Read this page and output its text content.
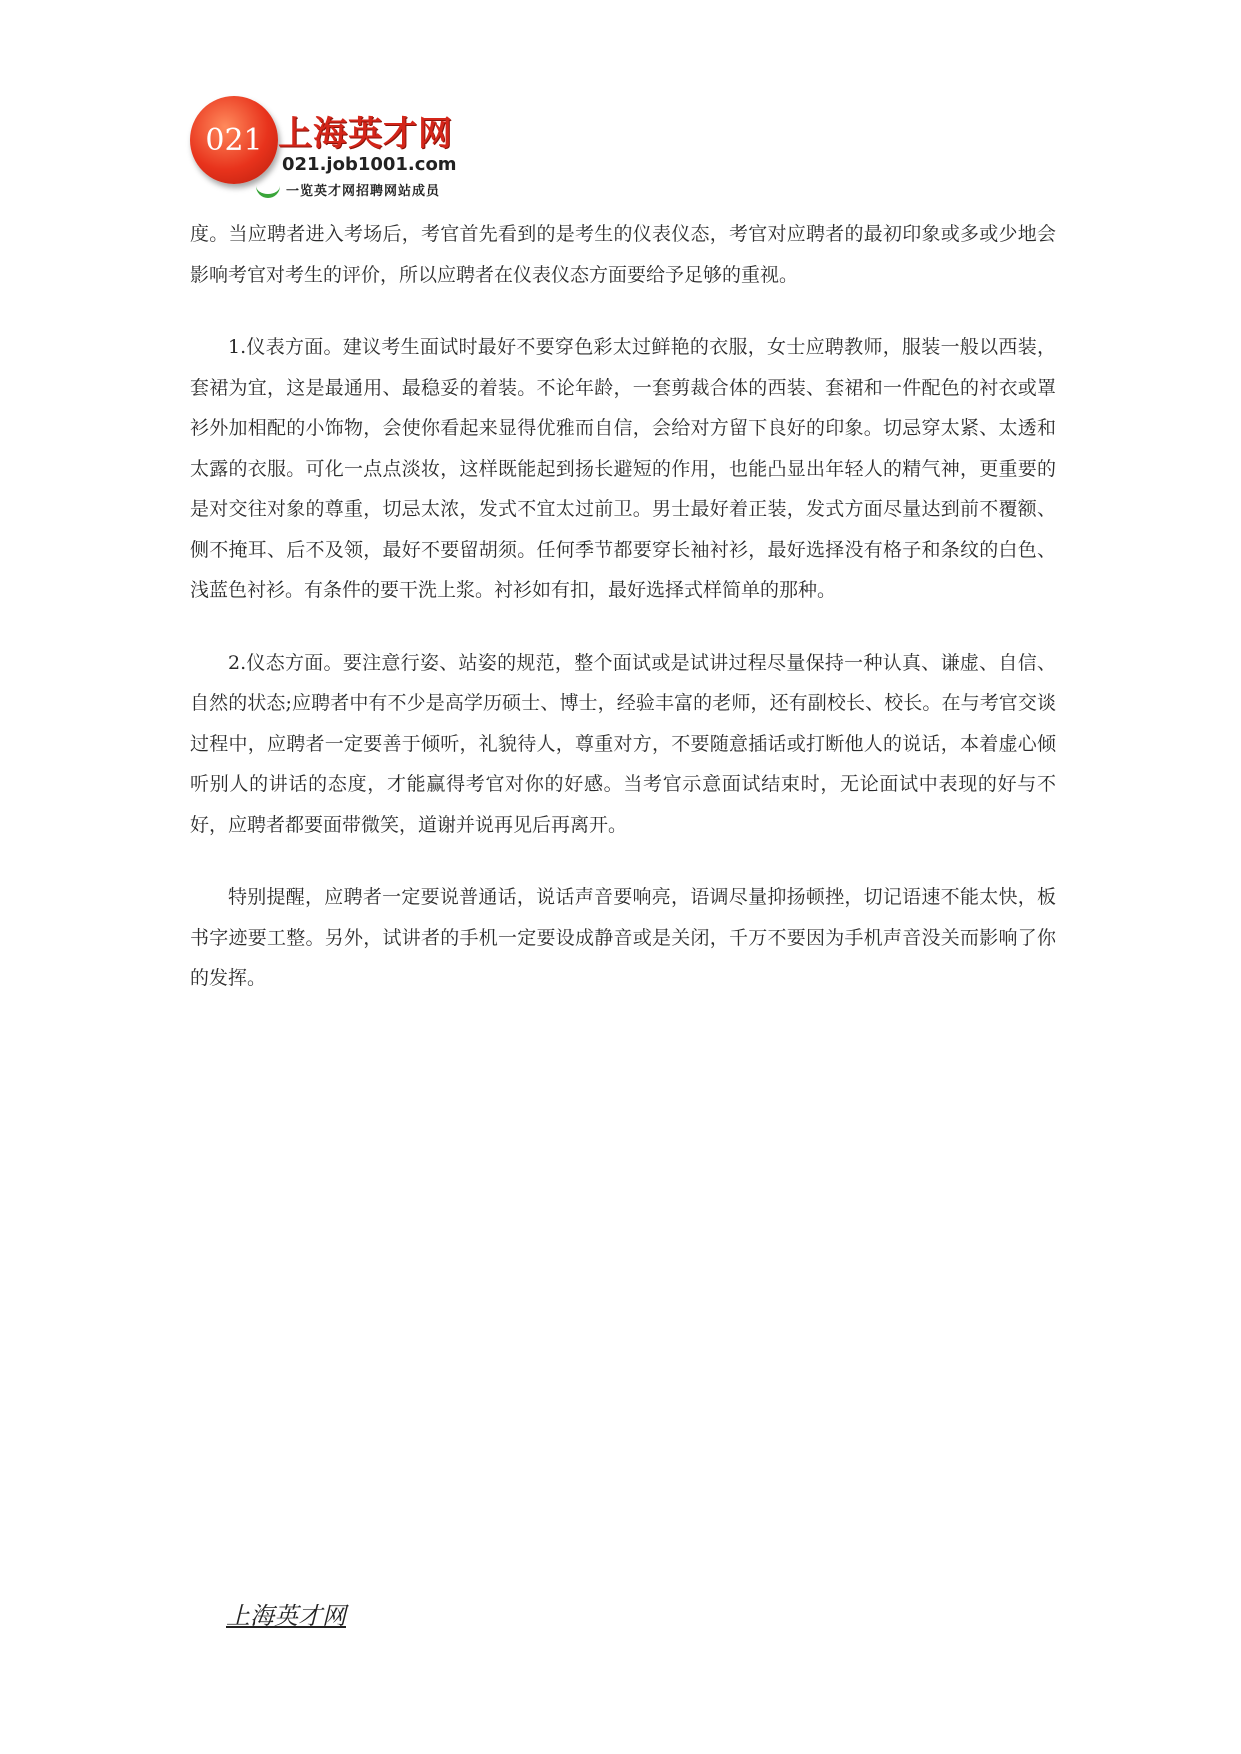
021 上海英才网
021.job1001.com
一览英才网招聘网站成员

度。当应聘者进入考场后，考官首先看到的是考生的仪表仪态，考官对应聘者的最初印象或多或少地会影响考官对考生的评价，所以应聘者在仪表仪态方面要给予足够的重视。

1.仪表方面。建议考生面试时最好不要穿色彩太过鲜艳的衣服，女士应聘教师，服装一般以西装，套裙为宜，这是最通用、最稳妥的着装。不论年龄，一套剪裁合体的西装、套裙和一件配色的衬衣或罩衫外加相配的小饰物，会使你看起来显得优雅而自信，会给对方留下良好的印象。切忌穿太紧、太透和太露的衣服。可化一点点淡妆，这样既能起到扬长避短的作用，也能凸显出年轻人的精气神，更重要的是对交往对象的尊重，切忌太浓，发式不宜太过前卫。男士最好着正装，发式方面尽量达到前不覆额、侧不掩耳、后不及领，最好不要留胡须。任何季节都要穿长袖衬衫，最好选择没有格子和条纹的白色、浅蓝色衬衫。有条件的要干洗上浆。衬衫如有扣，最好选择式样简单的那种。

2.仪态方面。要注意行姿、站姿的规范，整个面试或是试讲过程尽量保持一种认真、谦虚、自信、自然的状态;应聘者中有不少是高学历硕士、博士，经验丰富的老师，还有副校长、校长。在与考官交谈过程中，应聘者一定要善于倾听，礼貌待人，尊重对方，不要随意插话或打断他人的说话，本着虚心倾听别人的讲话的态度，才能赢得考官对你的好感。当考官示意面试结束时，无论面试中表现的好与不好，应聘者都要面带微笑，道谢并说再见后再离开。

特别提醒，应聘者一定要说普通话，说话声音要响亮，语调尽量抑扬顿挫，切记语速不能太快，板书字迹要工整。另外，试讲者的手机一定要设成静音或是关闭，千万不要因为手机声音没关而影响了你的发挥。

上海英才网
